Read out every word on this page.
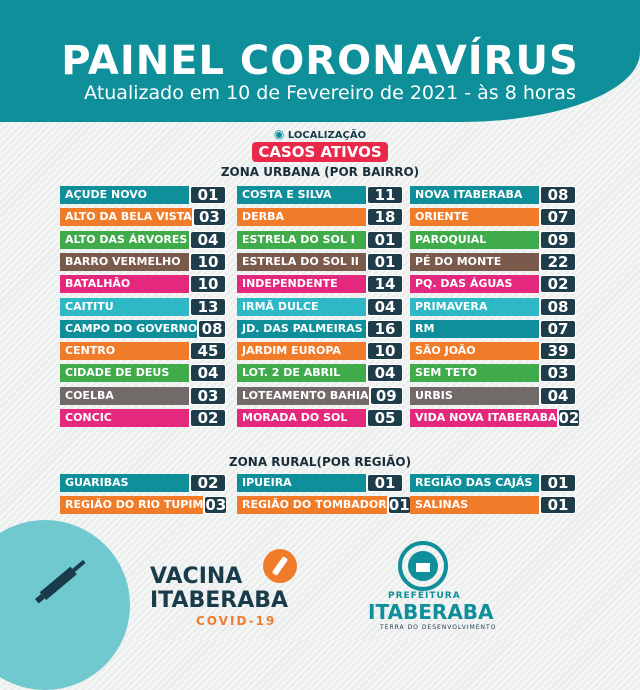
PAINEL CORONAVÍRUS
Atualizado em 10 de Fevereiro de 2021 - às 8 horas
◉ LOCALIZAÇÃO
CASOS ATIVOS
ZONA URBANA (POR BAIRRO)
AÇUDE NOVO	01
ALTO DA BELA VISTA 03
ALTO DAS ÁRVORES 04
BARRO VERMELHO	10
BATALHÃO	10
CAITITU	13
CAMPO DO GOVERNO 08
CENTRO	45
CIDADE DE DEUS	04
COELBA	03
CONCIC	02
COSTA E SILVA	11
DERBA	18
ESTRELA DO SOL I	01
ESTRELA DO SOL II	01
INDEPENDENTE	14
IRMÃ DULCE	04
JD. DAS PALMEIRAS 16
JARDIM EUROPA	10
LOT. 2 DE ABRIL	04
LOTEAMENTO BAHIA 09
MORADA DO SOL	05
NOVA ITABERABA	08
ORIENTE	07
PAROQUIAL	09
PÉ DO MONTE	22
PQ. DAS ÁGUAS	02
PRIMAVERA	08
RM	07
SÃO JOÃO	39
SEM TETO	03
URBIS	04
VIDA NOVA ITABERABA 02
ZONA RURAL(POR REGIÃO)
GUARIBAS	02
REGIÃO DO RIO TUPIM 03
IPUEIRA	01
REGIÃO DO TOMBADOR 01
REGIÃO DAS CAJÁS	01
SALINAS	01
VACINA
ITABERABA
COVID-19
PREFEITURA
ITABERABA
TERRA DO DESENVOLVIMENTO
